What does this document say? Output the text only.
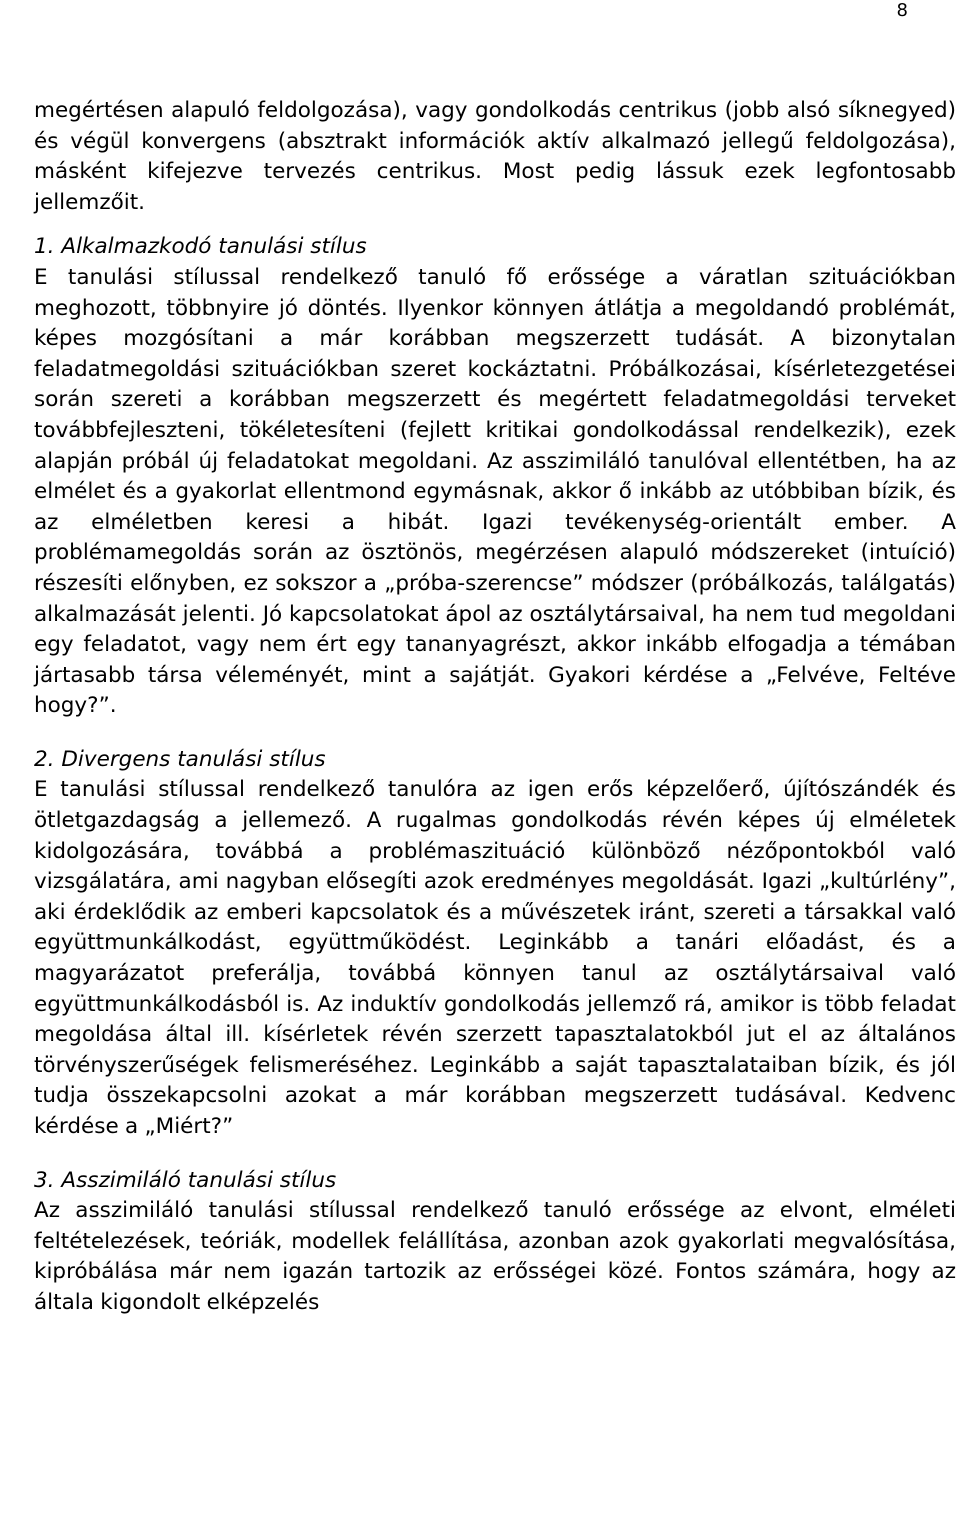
8

megértésen alapuló feldolgozása), vagy gondolkodás centrikus (jobb alsó síknegyed) és végül konvergens (absztrakt információk aktív alkalmazó jellegű feldolgozása), másként kifejezve tervezés centrikus. Most pedig lássuk ezek legfontosabb jellemzőit.

1. Alkalmazkodó tanulási stílus

E tanulási stílussal rendelkező tanuló fő erőssége a váratlan szituációkban meghozott, többnyire jó döntés. Ilyenkor könnyen átlátja a megoldandó problémát, képes mozgósítani a már korábban megszerzett tudását. A bizonytalan feladatmegoldási szituációkban szeret kockáztatni. Próbálkozásai, kísérletezgetései során szereti a korábban megszerzett és megértett feladatmegoldási terveket továbbfejleszteni, tökéletesíteni (fejlett kritikai gondolkodással rendelkezik), ezek alapján próbál új feladatokat megoldani. Az asszimiláló tanulóval ellentétben, ha az elmélet és a gyakorlat ellentmond egymásnak, akkor ő inkább az utóbbiban bízik, és az elméletben keresi a hibát. Igazi tevékenység-orientált ember. A problémamegoldás során az ösztönös, megérzésen alapuló módszereket (intuíció) részesíti előnyben, ez sokszor a „próba-szerencse” módszer (próbálkozás, találgatás) alkalmazását jelenti. Jó kapcsolatokat ápol az osztálytársaival, ha nem tud megoldani egy feladatot, vagy nem ért egy tananyagrészt, akkor inkább elfogadja a témában jártasabb társa véleményét, mint a sajátját. Gyakori kérdése a „Felvéve, Feltéve hogy?”.

2. Divergens tanulási stílus

E tanulási stílussal rendelkező tanulóra az igen erős képzelőerő, újítószándék és ötletgazdagság a jellemező. A rugalmas gondolkodás révén képes új elméletek kidolgozására, továbbá a problémaszituáció különböző nézőpontokból való vizsgálatára, ami nagyban elősegíti azok eredményes megoldását. Igazi „kultúrlény”, aki érdeklődik az emberi kapcsolatok és a művészetek iránt, szereti a társakkal való együttmunkálkodást, együttműködést. Leginkább a tanári előadást, és a magyarázatot preferálja, továbbá könnyen tanul az osztálytársaival való együttmunkálkodásból is. Az induktív gondolkodás jellemző rá, amikor is több feladat megoldása által ill. kísérletek révén szerzett tapasztalatokból jut el az általános törvényszerűségek felismeréséhez. Leginkább a saját tapasztalataiban bízik, és jól tudja összekapcsolni azokat a már korábban megszerzett tudásával. Kedvenc kérdése a „Miért?”

3. Asszimiláló tanulási stílus

Az asszimiláló tanulási stílussal rendelkező tanuló erőssége az elvont, elméleti feltételezések, teóriák, modellek felállítása, azonban azok gyakorlati megvalósítása, kipróbálása már nem igazán tartozik az erősségei közé. Fontos számára, hogy az általa kigondolt elképzelés
